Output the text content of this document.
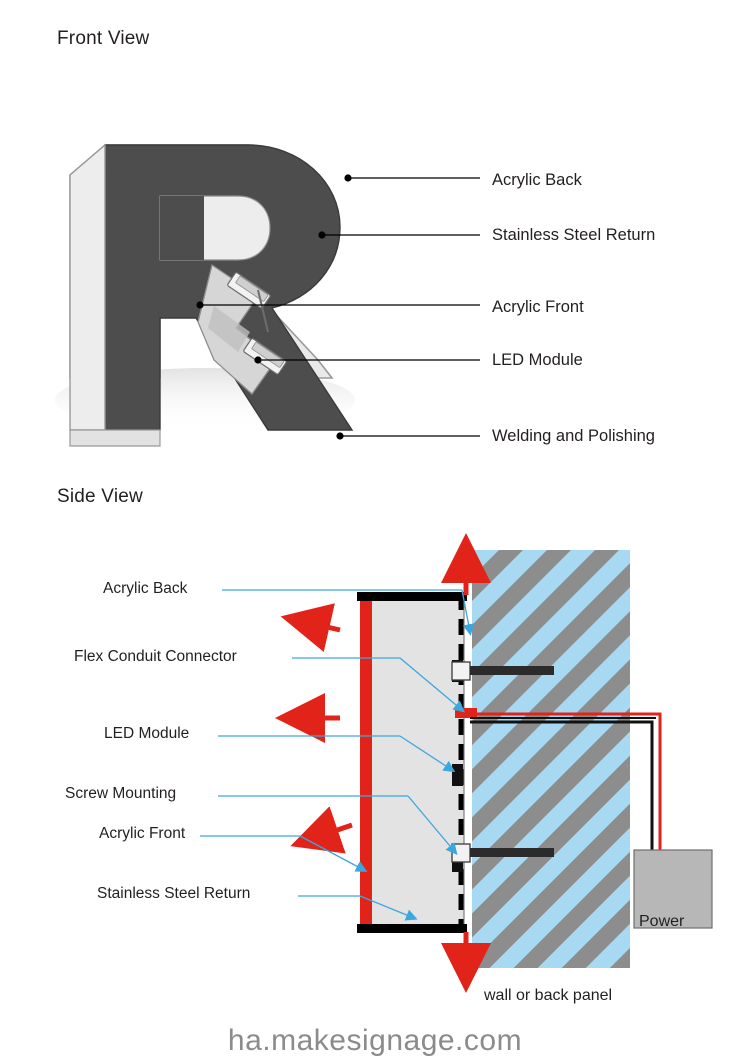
Front View
Acrylic Back
Stainless Steel Return
Acrylic Front
LED Module
Welding and Polishing
Side View
Acrylic Back
Flex Conduit Connector
LED Module
Screw Mounting
Acrylic Front
Stainless Steel Return
Power
wall or back panel
ha.makesignage.com
